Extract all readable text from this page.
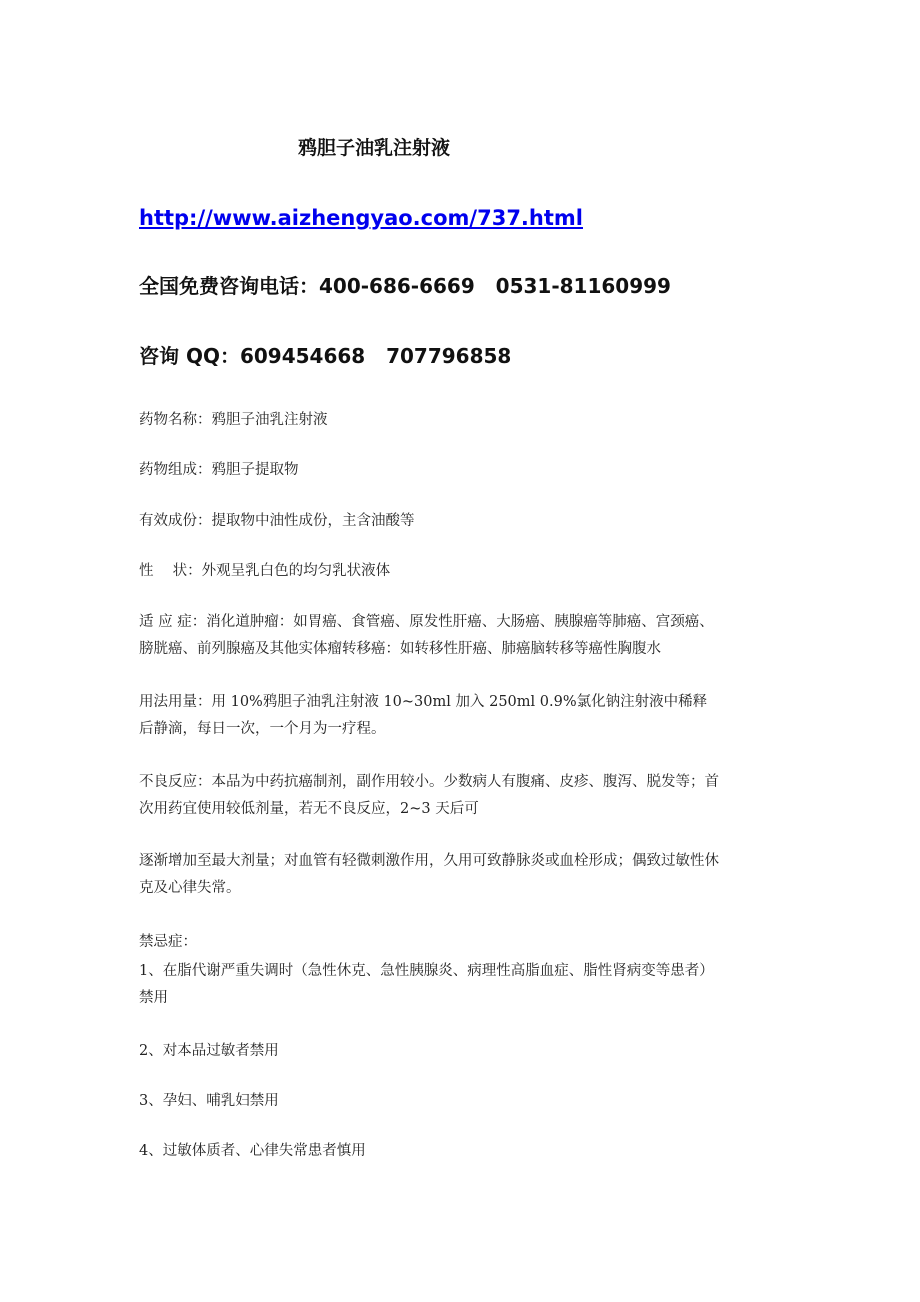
鸦胆子油乳注射液
http://www.aizhengyao.com/737.html
全国免费咨询电话：400-686-6669   0531-81160999
咨询 QQ：609454668   707796858
药物名称：鸦胆子油乳注射液
药物组成：鸦胆子提取物
有效成份：提取物中油性成份，主含油酸等
性　 状：外观呈乳白色的均匀乳状液体
适 应 症：消化道肿瘤：如胃癌、食管癌、原发性肝癌、大肠癌、胰腺癌等肺癌、宫颈癌、
膀胱癌、前列腺癌及其他实体瘤转移癌：如转移性肝癌、肺癌脑转移等癌性胸腹水
用法用量：用 10%鸦胆子油乳注射液 10~30ml 加入 250ml 0.9%氯化钠注射液中稀释
后静滴，每日一次，一个月为一疗程。
不良反应：本品为中药抗癌制剂，副作用较小。少数病人有腹痛、皮疹、腹泻、脱发等；首
次用药宜使用较低剂量，若无不良反应，2~3 天后可
逐渐增加至最大剂量；对血管有轻微刺激作用，久用可致静脉炎或血栓形成；偶致过敏性休
克及心律失常。
禁忌症：
1、在脂代谢严重失调时（急性休克、急性胰腺炎、病理性高脂血症、脂性肾病变等患者）
禁用
2、对本品过敏者禁用
3、孕妇、哺乳妇禁用
4、过敏体质者、心律失常患者慎用
